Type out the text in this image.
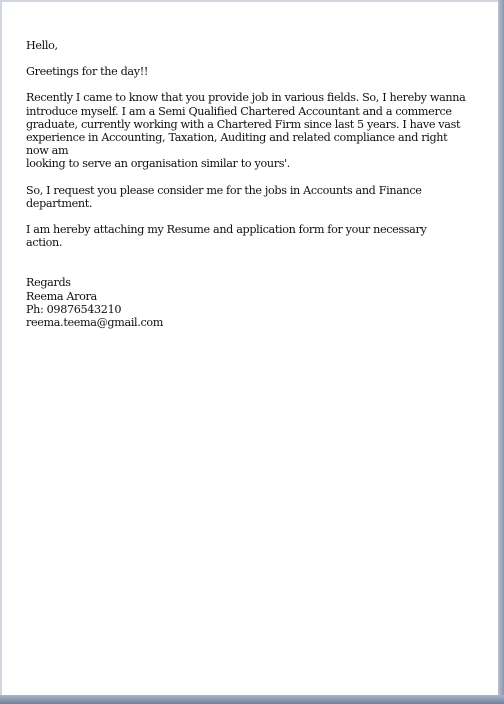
Hello,

Greetings for the day!!

Recently I came to know that you provide job in various fields. So, I hereby wanna
introduce myself. I am a Semi Qualified Chartered Accountant and a commerce
graduate, currently working with a Chartered Firm since last 5 years. I have vast
experience in Accounting, Taxation, Auditing and related compliance and right now am
looking to serve an organisation similar to yours'.

So, I request you please consider me for the jobs in Accounts and Finance department.

I am hereby attaching my Resume and application form for your necessary
action.

Regards
Reema Arora
Ph: 09876543210
reema.teema@gmail.com
